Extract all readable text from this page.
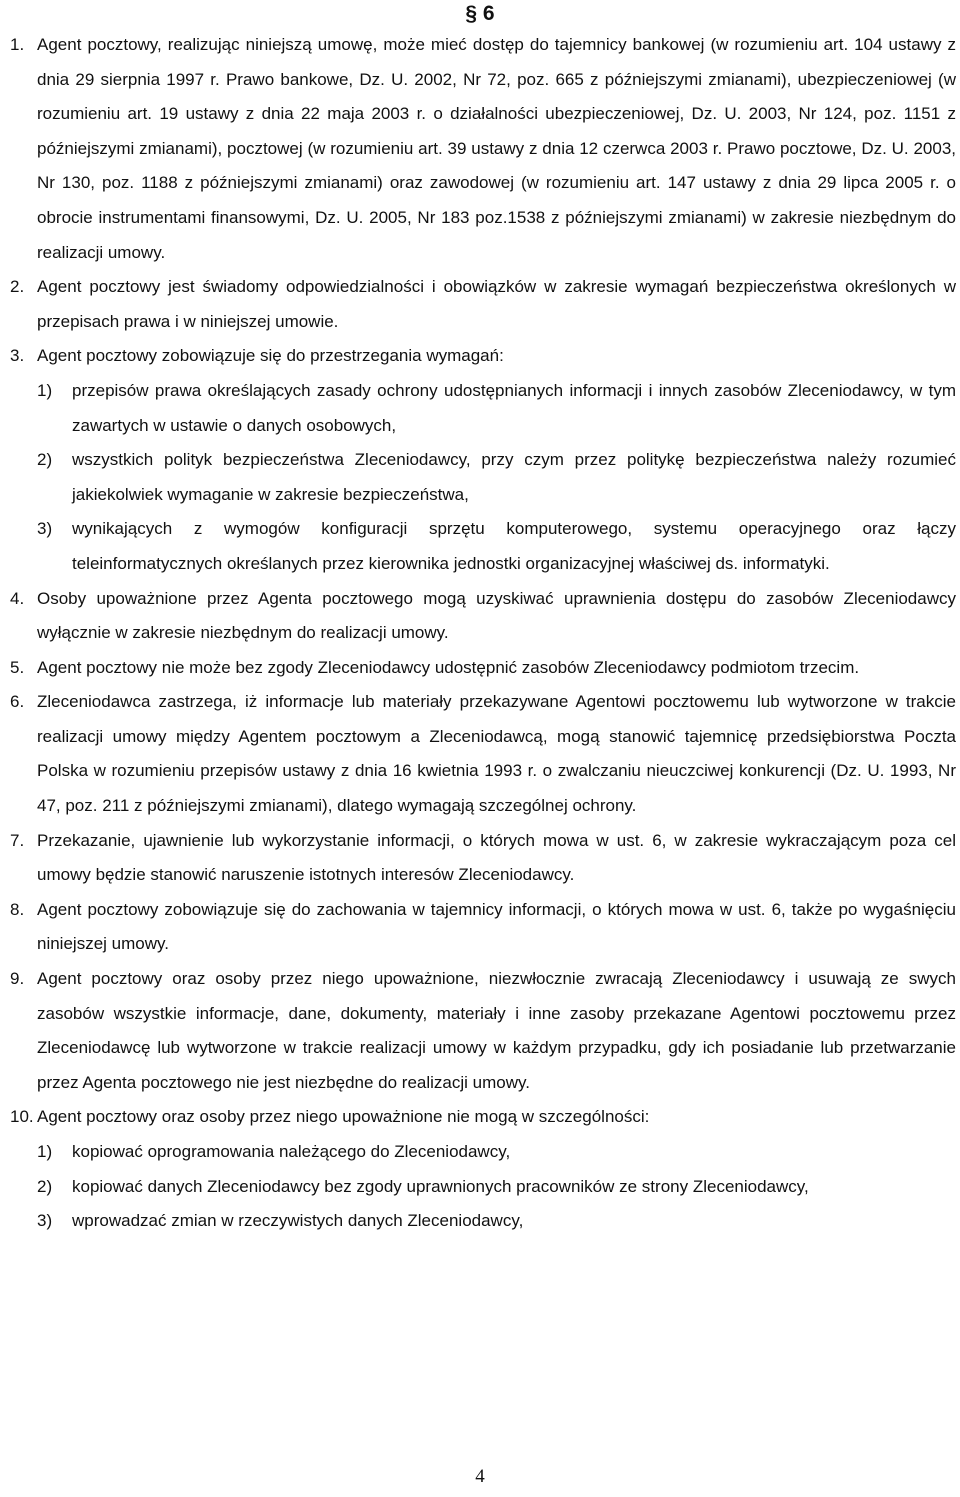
§ 6
1. Agent pocztowy, realizując niniejszą umowę, może mieć dostęp do tajemnicy bankowej (w rozumieniu art. 104 ustawy z dnia 29 sierpnia 1997 r. Prawo bankowe, Dz. U. 2002, Nr 72, poz. 665 z późniejszymi zmianami), ubezpieczeniowej (w rozumieniu art. 19 ustawy z dnia 22 maja 2003 r. o działalności ubezpieczeniowej, Dz. U. 2003, Nr 124, poz. 1151 z późniejszymi zmianami), pocztowej (w rozumieniu art. 39 ustawy z dnia 12 czerwca 2003 r. Prawo pocztowe, Dz. U. 2003, Nr 130, poz. 1188 z późniejszymi zmianami) oraz zawodowej (w rozumieniu art. 147 ustawy z dnia 29 lipca 2005 r. o obrocie instrumentami finansowymi, Dz. U. 2005, Nr 183 poz.1538 z późniejszymi zmianami) w zakresie niezbędnym do realizacji umowy.
2. Agent pocztowy jest świadomy odpowiedzialności i obowiązków w zakresie wymagań bezpieczeństwa określonych w przepisach prawa i w niniejszej umowie.
3. Agent pocztowy zobowiązuje się do przestrzegania wymagań:
1) przepisów prawa określających zasady ochrony udostępnianych informacji i innych zasobów Zleceniodawcy, w tym zawartych w ustawie o danych osobowych,
2) wszystkich polityk bezpieczeństwa Zleceniodawcy, przy czym przez politykę bezpieczeństwa należy rozumieć jakiekolwiek wymaganie w zakresie bezpieczeństwa,
3) wynikających z wymogów konfiguracji sprzętu komputerowego, systemu operacyjnego oraz łączy teleinformatycznych określanych przez kierownika jednostki organizacyjnej właściwej ds. informatyki.
4. Osoby upoważnione przez Agenta pocztowego mogą uzyskiwać uprawnienia dostępu do zasobów Zleceniodawcy wyłącznie w zakresie niezbędnym do realizacji umowy.
5. Agent pocztowy nie może bez zgody Zleceniodawcy udostępnić zasobów Zleceniodawcy podmiotom trzecim.
6. Zleceniodawca zastrzega, iż informacje lub materiały przekazywane Agentowi pocztowemu lub wytworzone w trakcie realizacji umowy między Agentem pocztowym a Zleceniodawcą, mogą stanowić tajemnicę przedsiębiorstwa Poczta Polska w rozumieniu przepisów ustawy z dnia 16 kwietnia 1993 r. o zwalczaniu nieuczciwej konkurencji (Dz. U. 1993, Nr 47, poz. 211 z późniejszymi zmianami), dlatego wymagają szczególnej ochrony.
7. Przekazanie, ujawnienie lub wykorzystanie informacji, o których mowa w ust. 6, w zakresie wykraczającym poza cel umowy będzie stanowić naruszenie istotnych interesów Zleceniodawcy.
8. Agent pocztowy zobowiązuje się do zachowania w tajemnicy informacji, o których mowa w ust. 6, także po wygaśnięciu niniejszej umowy.
9. Agent pocztowy oraz osoby przez niego upoważnione, niezwłocznie zwracają Zleceniodawcy i usuwają ze swych zasobów wszystkie informacje, dane, dokumenty, materiały i inne zasoby przekazane Agentowi pocztowemu przez Zleceniodawcę lub wytworzone w trakcie realizacji umowy w każdym przypadku, gdy ich posiadanie lub przetwarzanie przez Agenta pocztowego nie jest niezbędne do realizacji umowy.
10. Agent pocztowy oraz osoby przez niego upoważnione nie mogą w szczególności:
1) kopiować oprogramowania należącego do Zleceniodawcy,
2) kopiować danych Zleceniodawcy bez zgody uprawnionych pracowników ze strony Zleceniodawcy,
3) wprowadzać zmian w rzeczywistych danych Zleceniodawcy,
4
